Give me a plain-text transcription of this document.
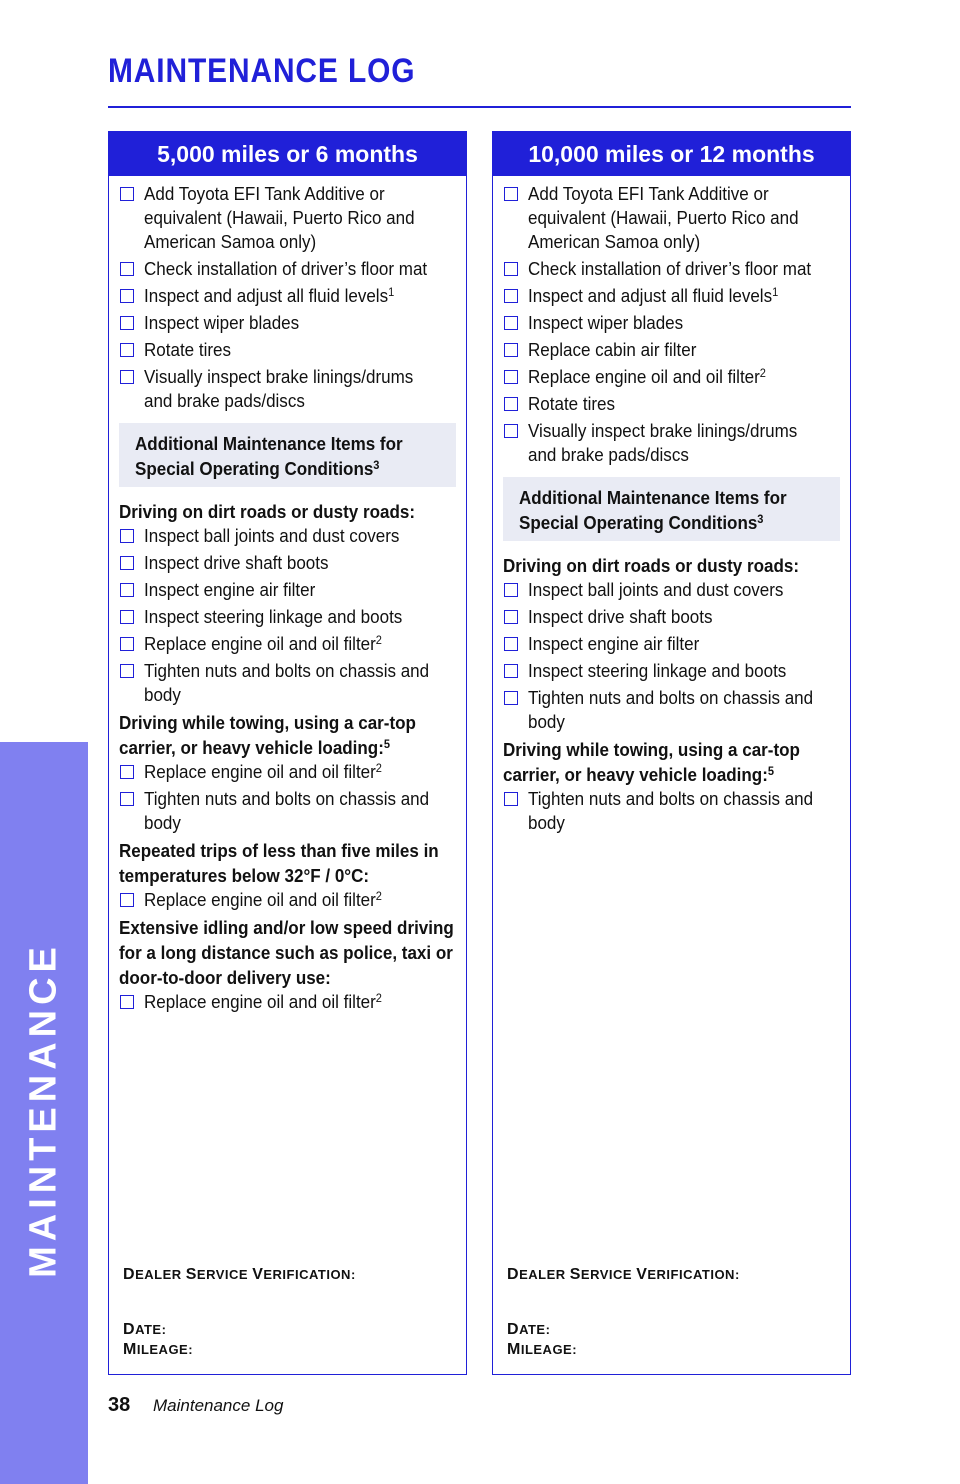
MAINTENANCE LOG
MAINTENANCE
5,000 miles or 6 months
Add Toyota EFI Tank Additive or equivalent (Hawaii, Puerto Rico and American Samoa only)
Check installation of driver’s floor mat
Inspect and adjust all fluid levels$^1$
Inspect wiper blades
Rotate tires
Visually inspect brake linings/drums and brake pads/discs
Additional Maintenance Items for Special Operating Conditions$^3$
Driving on dirt roads or dusty roads:
Inspect ball joints and dust covers
Inspect drive shaft boots
Inspect engine air filter
Inspect steering linkage and boots
Replace engine oil and oil filter$^2$
Tighten nuts and bolts on chassis and body
Driving while towing, using a car-top carrier, or heavy vehicle loading:$^5$
Replace engine oil and oil filter$^2$
Tighten nuts and bolts on chassis and body
Repeated trips of less than five miles in temperatures below 32°F / 0°C:
Replace engine oil and oil filter$^2$
Extensive idling and/or low speed driving for a long distance such as police, taxi or door-to-door delivery use:
Replace engine oil and oil filter$^2$
DEALER SERVICE VERIFICATION:
DATE:
MILEAGE:
10,000 miles or 12 months
Add Toyota EFI Tank Additive or equivalent (Hawaii, Puerto Rico and American Samoa only)
Check installation of driver’s floor mat
Inspect and adjust all fluid levels$^1$
Inspect wiper blades
Replace cabin air filter
Replace engine oil and oil filter$^2$
Rotate tires
Visually inspect brake linings/drums and brake pads/discs
Additional Maintenance Items for Special Operating Conditions$^3$
Driving on dirt roads or dusty roads:
Inspect ball joints and dust covers
Inspect drive shaft boots
Inspect engine air filter
Inspect steering linkage and boots
Tighten nuts and bolts on chassis and body
Driving while towing, using a car-top carrier, or heavy vehicle loading:$^5$
Tighten nuts and bolts on chassis and body
DEALER SERVICE VERIFICATION:
DATE:
MILEAGE:
38 Maintenance Log
